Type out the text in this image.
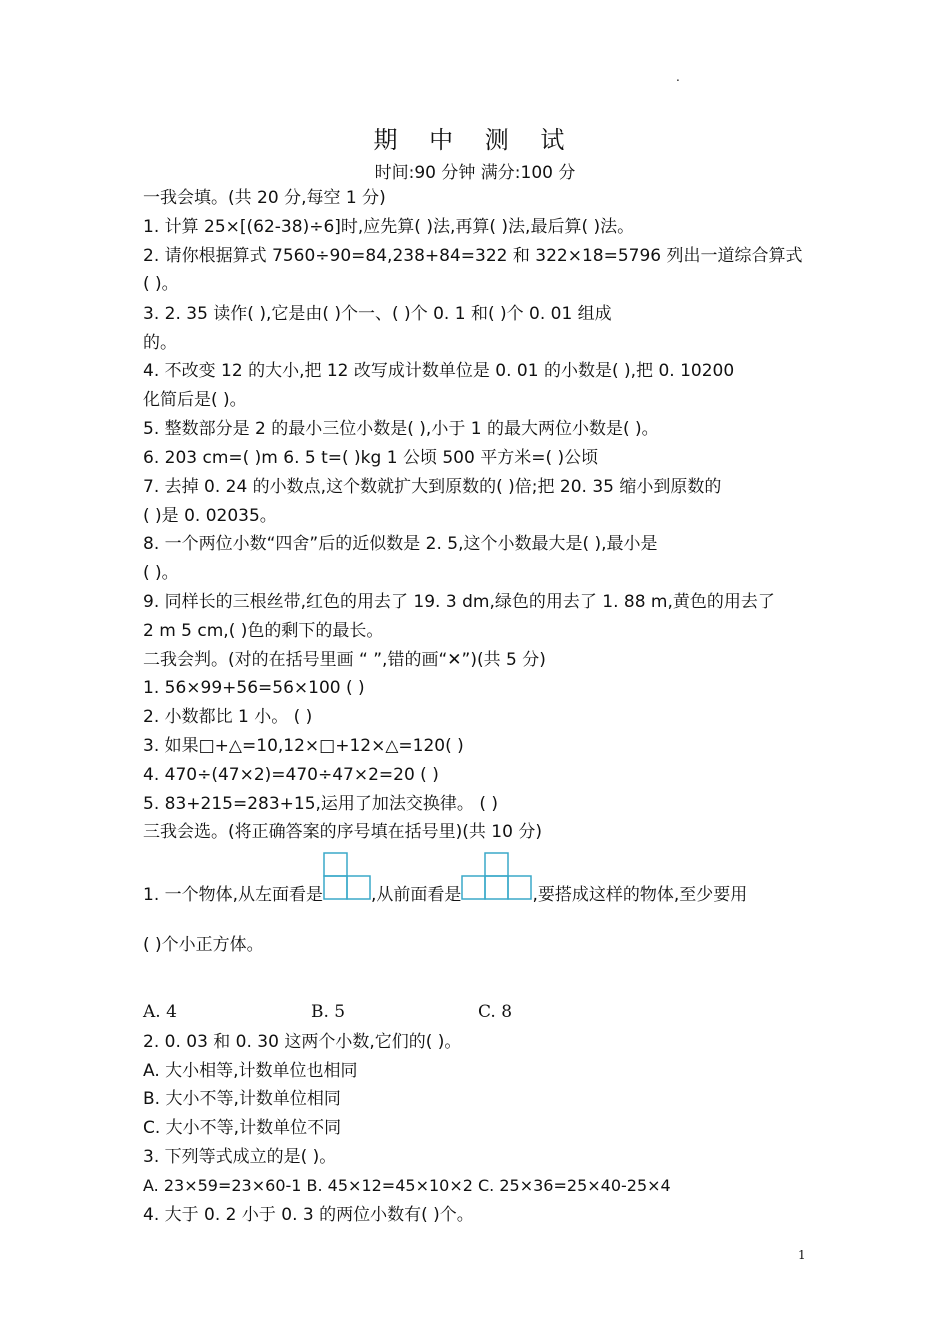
.
期 中 测 试
时间:90 分钟 满分:100 分
一我会填。(共 20 分,每空 1 分)
1. 计算 25×[(62-38)÷6]时,应先算( )法,再算( )法,最后算( )法。
2. 请你根据算式 7560÷90=84,238+84=322 和 322×18=5796 列出一道综合算式
( )。
3. 2. 35 读作( ),它是由( )个一、( )个 0. 1 和( )个 0. 01 组成
的。
4. 不改变 12 的大小,把 12 改写成计数单位是 0. 01 的小数是( ),把 0. 10200
化简后是( )。
5. 整数部分是 2 的最小三位小数是( ),小于 1 的最大两位小数是( )。
6. 203 cm=( )m 6. 5 t=( )kg 1 公顷 500 平方米=( )公顷
7. 去掉 0. 24 的小数点,这个数就扩大到原数的( )倍;把 20. 35 缩小到原数的
( )是 0. 02035。
8. 一个两位小数“四舍”后的近似数是 2. 5,这个小数最大是( ),最小是
( )。
9. 同样长的三根丝带,红色的用去了 19. 3 dm,绿色的用去了 1. 88 m,黄色的用去了
2 m 5 cm,( )色的剩下的最长。
二我会判。(对的在括号里画 “ ”,错的画“✕”)(共 5 分)
1. 56×99+56=56×100 ( )
2. 小数都比 1 小。 ( )
3. 如果□+△=10,12×□+12×△=120( )
4. 470÷(47×2)=470÷47×2=20 ( )
5. 83+215=283+15,运用了加法交换律。 ( )
三我会选。(将正确答案的序号填在括号里)(共 10 分)
1. 一个物体,从左面看是	,从前面看是	,要搭成这样的物体,至少要用
( )个小正方体。
A. 4	B. 5	C. 8
2. 0. 03 和 0. 30 这两个小数,它们的( )。
A. 大小相等,计数单位也相同
B. 大小不等,计数单位相同
C. 大小不等,计数单位不同
3. 下列等式成立的是( )。
A. 23×59=23×60-1 B. 45×12=45×10×2 C. 25×36=25×40-25×4
4. 大于 0. 2 小于 0. 3 的两位小数有( )个。
1
